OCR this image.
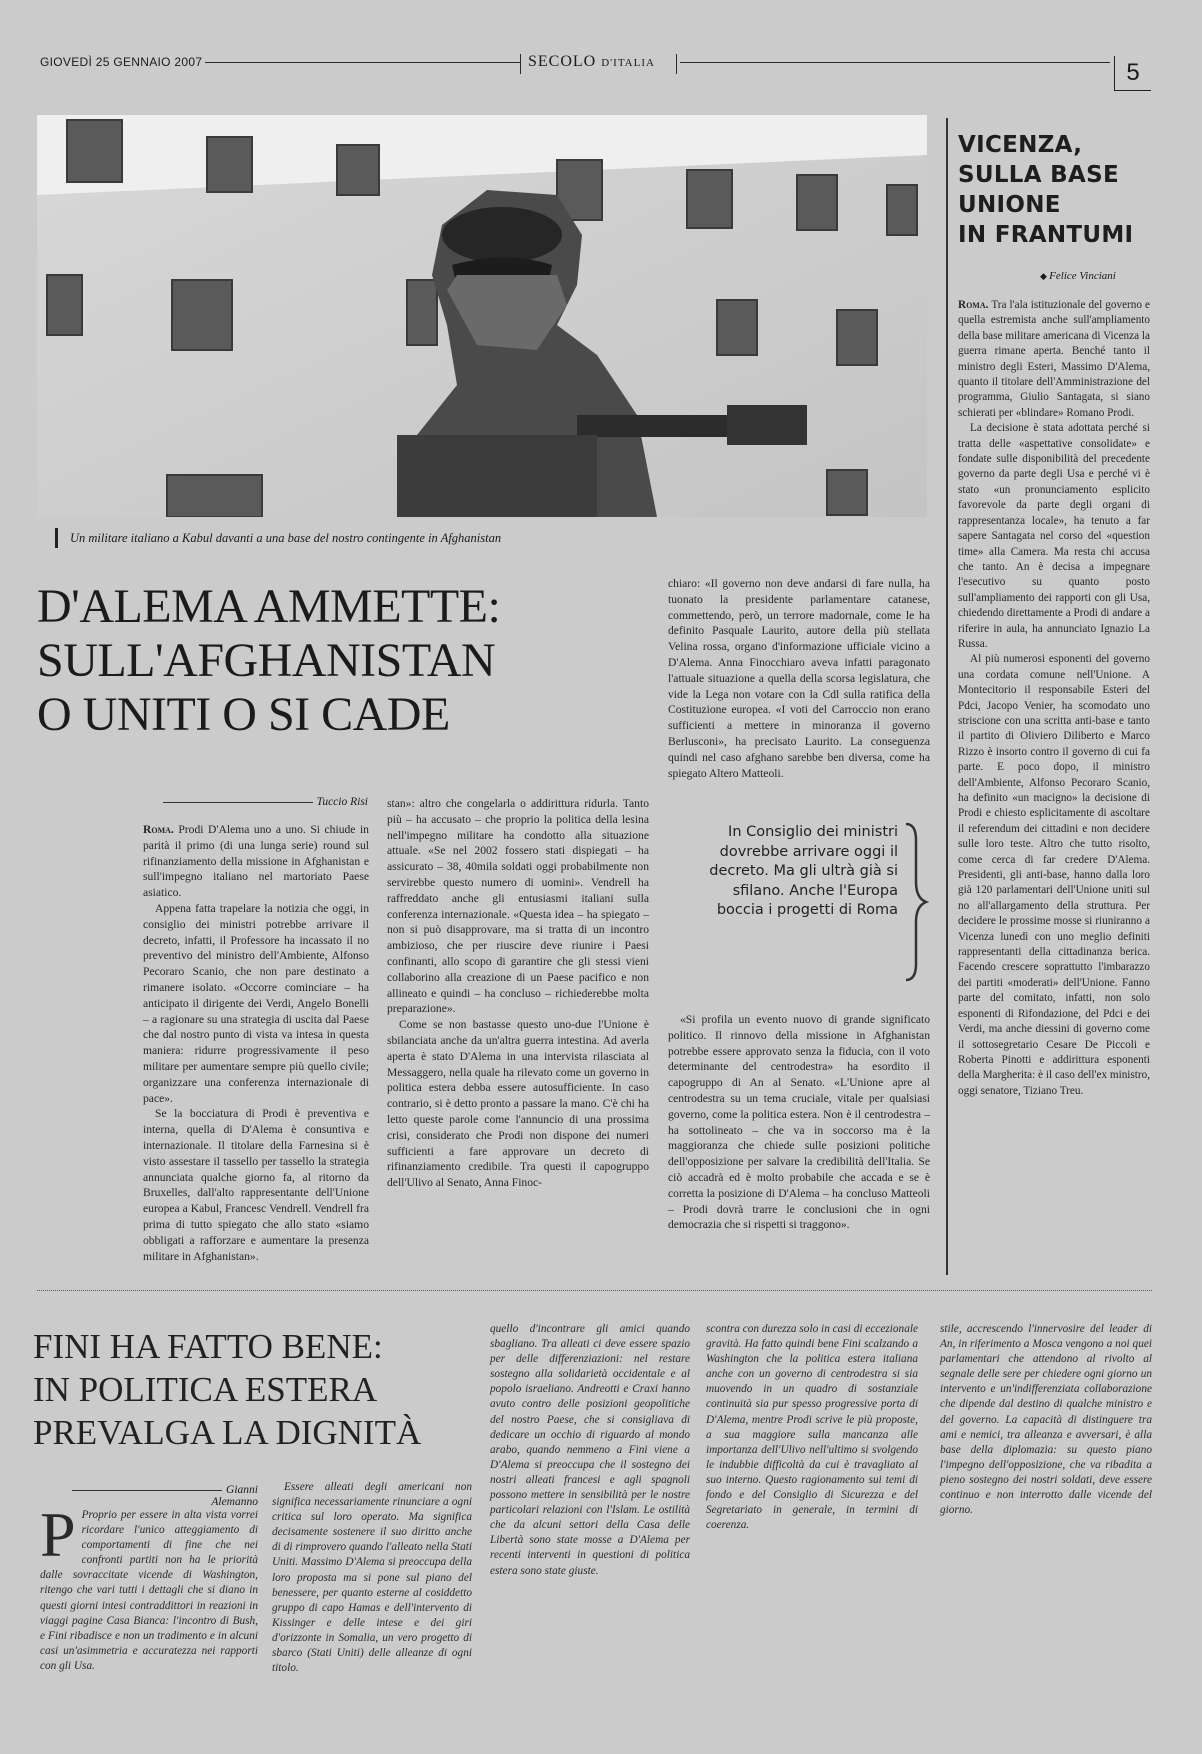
GIOVEDÌ 25 GENNAIO 2007	SECOLO D'ITALIA	5
Un militare italiano a Kabul davanti a una base del nostro contingente in Afghanistan
D'ALEMA AMMETTE:
SULL'AFGHANISTAN
O UNITI O SI CADE
Tuccio Risi

Roma. Prodi D'Alema uno a uno. Si chiude in parità il primo (di una lunga serie) round sul rifinanziamento della missione in Afghanistan e sull'impegno italiano nel martoriato Paese asiatico.

Appena fatta trapelare la notizia che oggi, in consiglio dei ministri potrebbe arrivare il decreto, infatti, il Professore ha incassato il no preventivo del ministro dell'Ambiente, Alfonso Pecoraro Scanio, che non pare destinato a rimanere isolato. «Occorre cominciare – ha anticipato il dirigente dei Verdi, Angelo Bonelli – a ragionare su una strategia di uscita dal Paese che dal nostro punto di vista va intesa in questa maniera: ridurre progressivamente il peso militare per aumentare sempre più quello civile; organizzare una conferenza internazionale di pace».

Se la bocciatura di Prodi è preventiva e interna, quella di D'Alema è consuntiva e internazionale. Il titolare della Farnesina si è visto assestare il tassello per tassello la strategia annunciata qualche giorno fa, al ritorno da Bruxelles, dall'alto rappresentante dell'Unione europea a Kabul, Francesc Vendrell. Vendrell fra prima di tutto spiegato che allo stato «siamo obbligati a rafforzare e aumentare la presenza militare in Afghanistan».

stan»: altro che congelarla o addirittura ridurla. Tanto più – ha accusato – che proprio la politica della lesina nell'impegno militare ha condotto alla situazione attuale. «Se nel 2002 fossero stati dispiegati – ha assicurato – 38, 40mila soldati oggi probabilmente non servirebbe questo numero di uomini». Vendrell ha raffreddato anche gli entusiasmi italiani sulla conferenza internazionale. «Questa idea – ha spiegato – non si può disapprovare, ma si tratta di un incontro ambizioso, che per riuscire deve riunire i Paesi confinanti, allo scopo di garantire che gli stessi vieni collaborino alla creazione di un Paese pacifico e non allineato e quindi – ha concluso – richiederebbe molta preparazione».

Come se non bastasse questo uno-due l'Unione è sbilanciata anche da un'altra guerra intestina. Ad averla aperta è stato D'Alema in una intervista rilasciata al Messaggero, nella quale ha rilevato come un governo in politica estera debba essere autosufficiente. In caso contrario, si è detto pronto a passare la mano. C'è chi ha letto queste parole come l'annuncio di una prossima crisi, considerato che Prodi non dispone dei numeri sufficienti a fare approvare un decreto di rifinanziamento credibile. Tra questi il capogruppo dell'Ulivo al Senato, Anna Finoc-

chiaro: «Il governo non deve andarsi di fare nulla, ha tuonato la presidente parlamentare catanese, commettendo, però, un terrore madornale, come le ha definito Pasquale Laurito, autore della più stellata Velina rossa, organo d'informazione ufficiale vicino a D'Alema. Anna Finocchiaro aveva infatti paragonato l'attuale situazione a quella della scorsa legislatura, che vide la Lega non votare con la Cdl sulla ratifica della Costituzione europea. «I voti del Carroccio non erano sufficienti a mettere in minoranza il governo Berlusconi», ha precisato Laurito. La conseguenza quindi nel caso afghano sarebbe ben diversa, come ha spiegato Altero Matteoli.

In Consiglio dei ministri dovrebbe arrivare oggi il decreto. Ma gli ultrà già si sfilano. Anche l'Europa boccia i progetti di Roma

«Si profila un evento nuovo di grande significato politico. Il rinnovo della missione in Afghanistan potrebbe essere approvato senza la fiducia, con il voto determinante del centrodestra» ha esordito il capogruppo di An al Senato. «L'Unione apre al centrodestra su un tema cruciale, vitale per qualsiasi governo, come la politica estera. Non è il centrodestra – ha sottolineato – che va in soccorso ma è la maggioranza che chiede sulle posizioni politiche dell'opposizione per salvare la credibilità dell'Italia. Se ciò accadrà ed è molto probabile che accada e se è corretta la posizione di D'Alema – ha concluso Matteoli – Prodi dovrà trarre le conclusioni che in ogni democrazia che si rispetti si traggono».

VICENZA,
SULLA BASE
UNIONE
IN FRANTUMI
◆ Felice Vinciani

Roma. Tra l'ala istituzionale del governo e quella estremista anche sull'ampliamento della base militare americana di Vicenza la guerra rimane aperta. Benché tanto il ministro degli Esteri, Massimo D'Alema, quanto il titolare dell'Amministrazione del programma, Giulio Santagata, si siano schierati per «blindare» Romano Prodi.

La decisione è stata adottata perché si tratta delle «aspettative consolidate» e fondate sulle disponibilità del precedente governo da parte degli Usa e perché vi è stato «un pronunciamento esplicito favorevole da parte degli organi di rappresentanza locale», ha tenuto a far sapere Santagata nel corso del «question time» alla Camera. Ma resta chi accusa che tanto. An è decisa a impegnare l'esecutivo su quanto posto sull'ampliamento dei rapporti con gli Usa, chiedendo direttamente a Prodi di andare a riferire in aula, ha annunciato Ignazio La Russa.

Al più numerosi esponenti del governo una cordata comune nell'Unione. A Montecitorio il responsabile Esteri del Pdci, Jacopo Venier, ha scomodato uno striscione con una scritta anti-base e tanto il partito di Oliviero Diliberto e Marco Rizzo è insorto contro il governo di cui fa parte. E poco dopo, il ministro dell'Ambiente, Alfonso Pecoraro Scanio, ha definito «un macigno» la decisione di Prodi e chiesto esplicitamente di ascoltare il referendum dei cittadini e non decidere sulle loro teste. Altro che tutto risolto, come cerca di far credere D'Alema. Presidenti, gli anti-base, hanno dalla loro già 120 parlamentari dell'Unione uniti sul no all'allargamento della struttura. Per decidere le prossime mosse si riuniranno a Vicenza lunedì con uno meglio definiti rappresentanti della cittadinanza berica. Facendo crescere soprattutto l'imbarazzo dei partiti «moderati» dell'Unione. Fanno parte del comitato, infatti, non solo esponenti di Rifondazione, del Pdci e dei Verdi, ma anche diessini di governo come il sottosegretario Cesare De Piccoli e Roberta Pinotti e addirittura esponenti della Margherita: è il caso dell'ex ministro, oggi senatore, Tiziano Treu.

FINI HA FATTO BENE:
IN POLITICA ESTERA
PREVALGA LA DIGNITÀ
Gianni Alemanno

P Proprio per essere in alta vista vorrei ricordare l'unico atteggiamento di comportamenti di fine che nei confronti partiti non ha le priorità dalle sovraccitate vicende di Washington, ritengo che vari tutti i dettagli che si diano in questi giorni intesi contraddittori in reazioni in viaggi pagine Casa Bianca: l'incontro di Bush, e Fini ribadisce e non un tradimento e in alcuni casi un'asimmetria e accuratezza nei rapporti con gli Usa.

Essere alleati degli americani non significa necessariamente rinunciare a ogni critica sul loro operato. Ma significa decisamente sostenere il suo diritto anche di di rimprovero quando l'alleato nella Stati Uniti. Massimo D'Alema si preoccupa della loro proposta ma si pone sul piano del benessere, per quanto esterne al cosiddetto gruppo di capo Hamas e dell'intervento di Kissinger e delle intese e dei giri d'orizzonte in Somalia, un vero progetto di sbarco (Stati Uniti) delle alleanze di ogni titolo.

quello d'incontrare gli amici quando sbagliano. Tra alleati ci deve essere spazio per delle differenziazioni: nel restare sostegno alla solidarietà occidentale e al popolo israeliano. Andreotti e Craxi hanno avuto contro delle posizioni geopolitiche del nostro Paese, che si consigliava di dedicare un occhio di riguardo al mondo arabo, quando nemmeno a Fini viene a D'Alema si preoccupa che il sostegno dei nostri alleati francesi e agli spagnoli possono mettere in sensibilità per le nostre particolari relazioni con l'Islam. Le ostilità che da alcuni settori della Casa delle Libertà sono state mosse a D'Alema per recenti interventi in questioni di politica estera sono state giuste.

scontra con durezza solo in casi di eccezionale gravità. Ha fatto quindi bene Fini scalzando a Washington che la politica estera italiana anche con un governo di centrodestra si sia muovendo in un quadro di sostanziale continuità sia pur spesso progressive porta di D'Alema, mentre Prodi scrive le più proposte, a sua maggiore sulla mancanza alle importanza dell'Ulivo nell'ultimo si svolgendo le indubbie difficoltà da cui è travagliato al suo interno. Questo ragionamento sui temi di fondo e del Consiglio di Sicurezza e del Segretariato in generale, in termini di coerenza.

stile, accrescendo l'innervosire del leader di An, in riferimento a Mosca vengono a noi quei parlamentari che attendono al rivolto al segnale delle sere per chiedere ogni giorno un intervento e un'indifferenziata collaborazione che dipende dal destino di qualche ministro e del governo. La capacità di distinguere tra ami e nemici, tra alleanza e avversari, è alla base della diplomazia: su questo piano l'impegno dell'opposizione, che va ribadita a pieno sostegno dei nostri soldati, deve essere continuo e non interrotto dalle vicende del giorno.
